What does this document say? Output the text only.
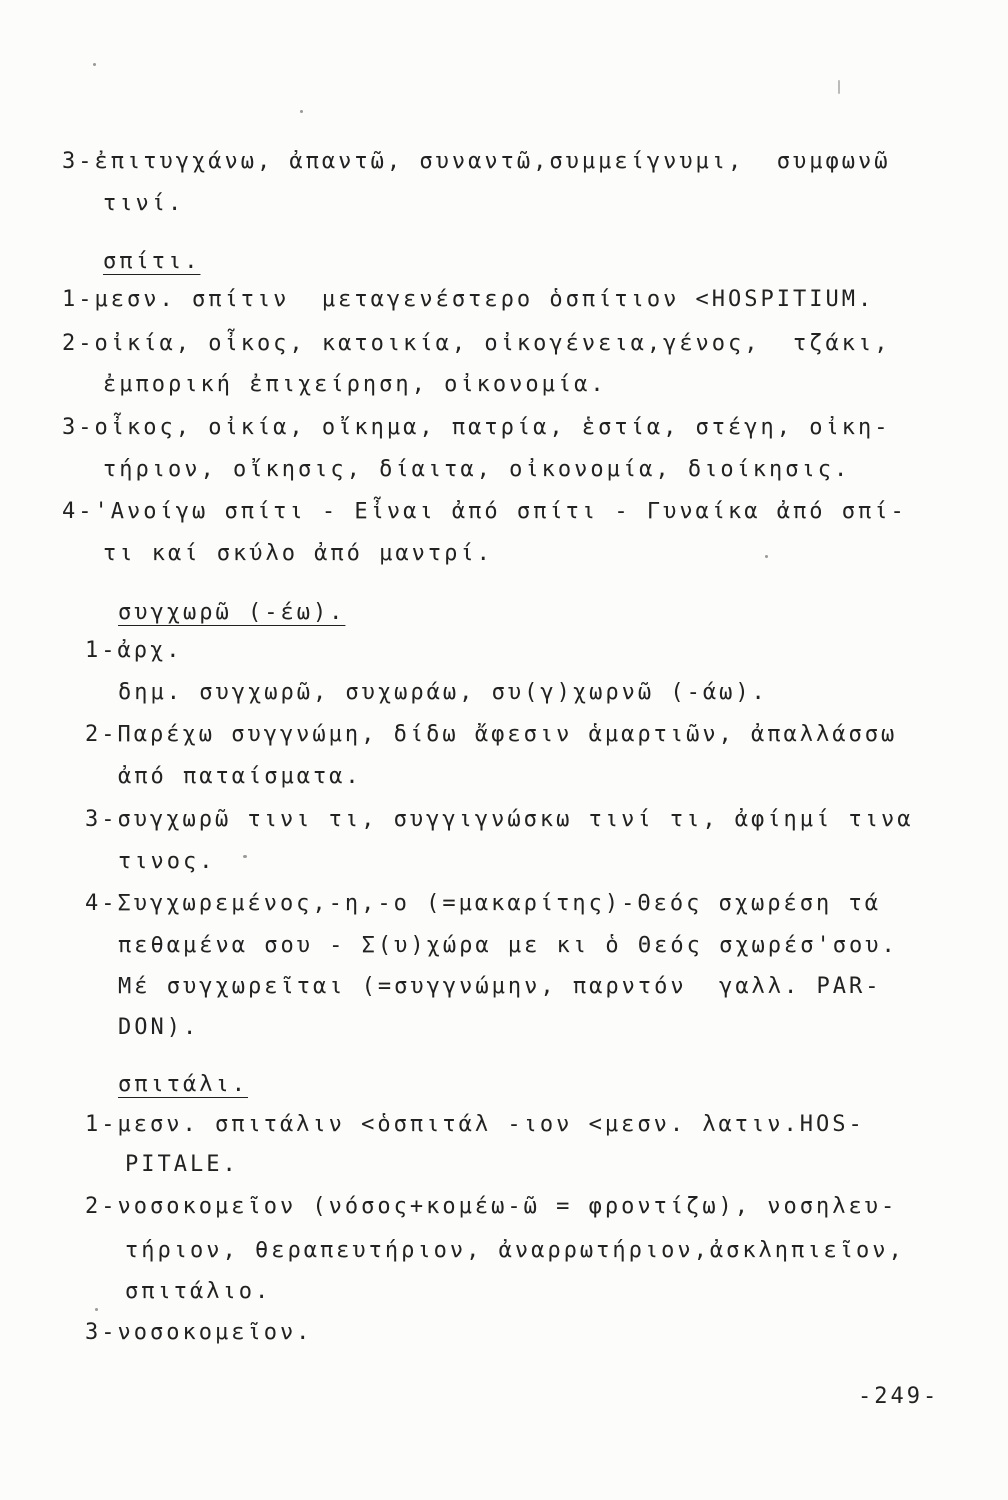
3-ἐπιτυγχάνω, ἀπαντῶ, συναντῶ,συμμείγνυμι,  συμφωνῶ
τινί.
σπίτι.
1-μεσν. σπίτιν  μεταγενέστερο ὁσπίτιον <HOSPITIUM.
2-οἰκία, οἶκος, κατοικία, οἰκογένεια,γένος,  τζάκι,
ἐμπορική ἐπιχείρηση, οἰκονομία.
3-οἶκος, οἰκία, οἴκημα, πατρία, ἑστία, στέγη, οἰκη-
τήριον, οἴκησις, δίαιτα, οἰκονομία, διοίκησις.
4-'Ανοίγω σπίτι - Εἶναι ἀπό σπίτι - Γυναίκα ἀπό σπί-
τι καί σκύλο ἀπό μαντρί.
συγχωρῶ (-έω).
1-ἀρχ.
δημ. συγχωρῶ, συχωράω, συ(γ)χωρνῶ (-άω).
2-Παρέχω συγγνώμη, δίδω ἄφεσιν ἁμαρτιῶν, ἀπαλλάσσω
ἀπό παταίσματα.
3-συγχωρῶ τινι τι, συγγιγνώσκω τινί τι, ἀφίημί τινα
τινος.
4-Συγχωρεμένος,-η,-ο (=μακαρίτης)-Θεός σχωρέση τά
πεθαμένα σου - Σ(υ)χώρα με κι ὁ Θεός σχωρέσ'σου.
Μέ συγχωρεῖται (=συγγνώμην, παρντόν  γαλλ. PAR-
DON).
σπιτάλι.
1-μεσν. σπιτάλιν <ὁσπιτάλ -ιον <μεσν. λατιν.HOS-
PITALE.
2-νοσοκομεῖον (νόσος+κομέω-ῶ = φροντίζω), νοσηλευ-
τήριον, θεραπευτήριον, ἀναρρωτήριον,ἀσκληπιεῖον,
σπιτάλιο.
3-νοσοκομεῖον.
-249-
